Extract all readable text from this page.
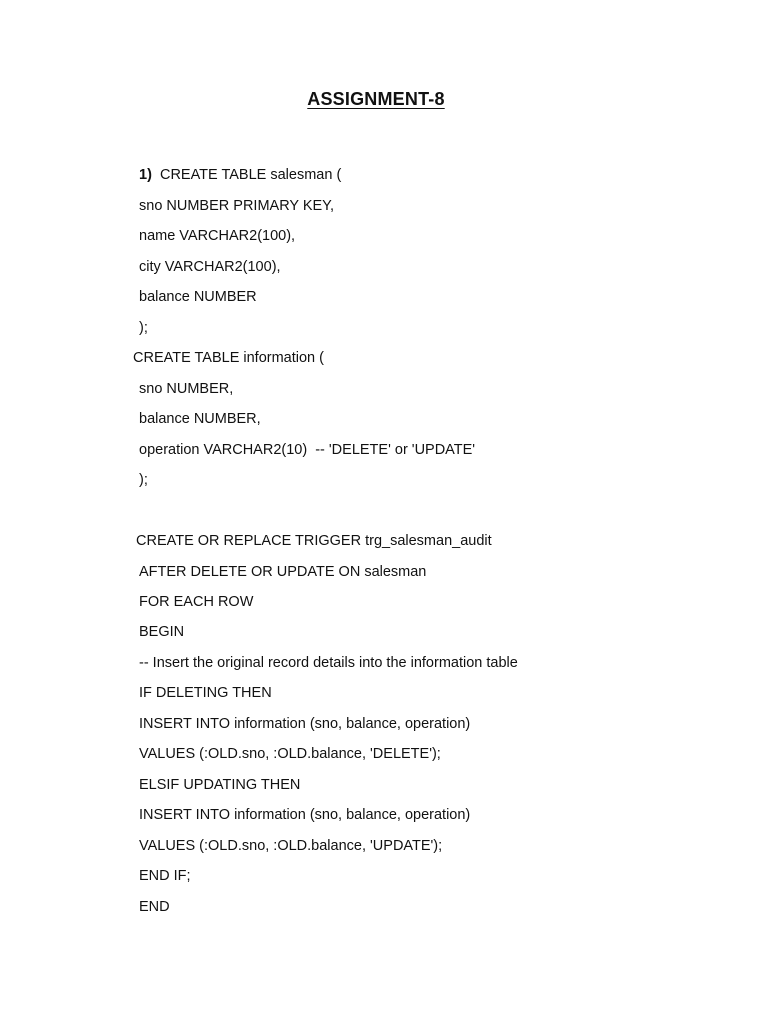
ASSIGNMENT-8
1) CREATE TABLE salesman (
sno NUMBER PRIMARY KEY,
name VARCHAR2(100),
city VARCHAR2(100),
balance NUMBER
);
CREATE TABLE information (
sno NUMBER,
balance NUMBER,
operation VARCHAR2(10)  -- 'DELETE' or 'UPDATE'
);
CREATE OR REPLACE TRIGGER trg_salesman_audit
AFTER DELETE OR UPDATE ON salesman
FOR EACH ROW
BEGIN
-- Insert the original record details into the information table
IF DELETING THEN
INSERT INTO information (sno, balance, operation)
VALUES (:OLD.sno, :OLD.balance, 'DELETE');
ELSIF UPDATING THEN
INSERT INTO information (sno, balance, operation)
VALUES (:OLD.sno, :OLD.balance, 'UPDATE');
END IF;
END
